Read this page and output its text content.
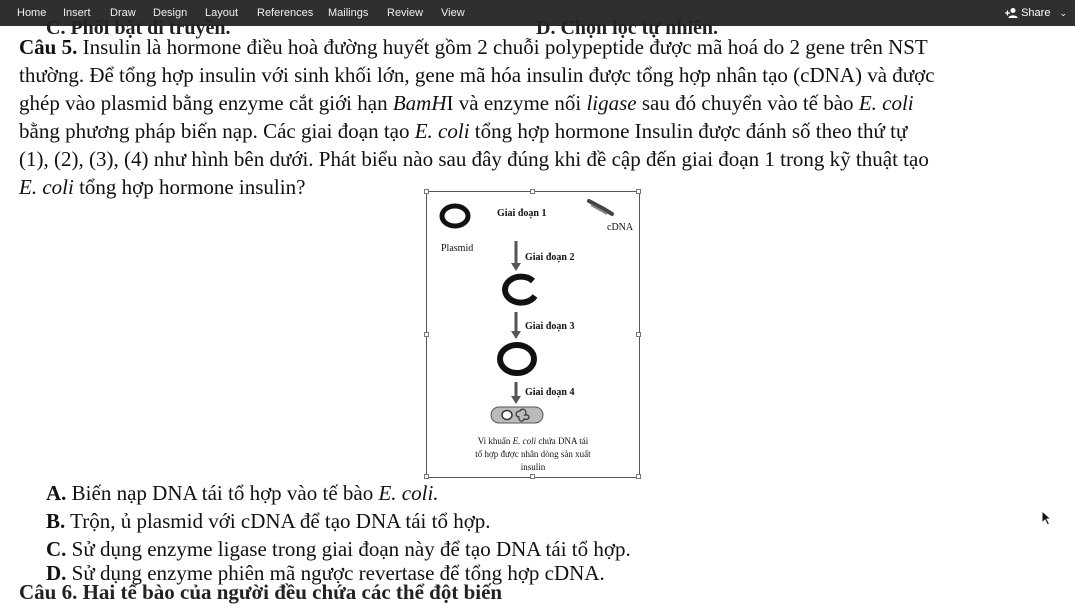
Home Insert Draw Design Layout References Mailings Review View	Share ⌄
C. Phối bặt di truyền.	D. Chọn lọc tự nhiên.
Câu 5. Insulin là hormone điều hoà đường huyết gồm 2 chuỗi polypeptide được mã hoá do 2 gene trên NST
thường. Để tổng hợp insulin với sinh khối lớn, gene mã hóa insulin được tổng hợp nhân tạo (cDNA) và được
ghép vào plasmid bằng enzyme cắt giới hạn BamHI và enzyme nối ligase sau đó chuyển vào tế bào E. coli
bằng phương pháp biến nạp. Các giai đoạn tạo E. coli tổng hợp hormone Insulin được đánh số theo thứ tự
(1), (2), (3), (4) như hình bên dưới. Phát biểu nào sau đây đúng khi đề cập đến giai đoạn 1 trong kỹ thuật tạo
E. coli tổng hợp hormone insulin?
Plasmid
Giai đoạn 1
cDNA
Giai đoạn 2
Giai đoạn 3
Giai đoạn 4
Vi khuẩn E. coli chứa DNA tái
tổ hợp được nhân dòng sản xuất
insulin
A. Biến nạp DNA tái tổ hợp vào tế bào E. coli.
B. Trộn, ủ plasmid với cDNA để tạo DNA tái tổ hợp.
C. Sử dụng enzyme ligase trong giai đoạn này để tạo DNA tái tổ hợp.
D. Sử dụng enzyme phiên mã ngược revertase để tổng hợp cDNA.
Câu 6. Hai tế bào của người đều chứa các thể đột biến
